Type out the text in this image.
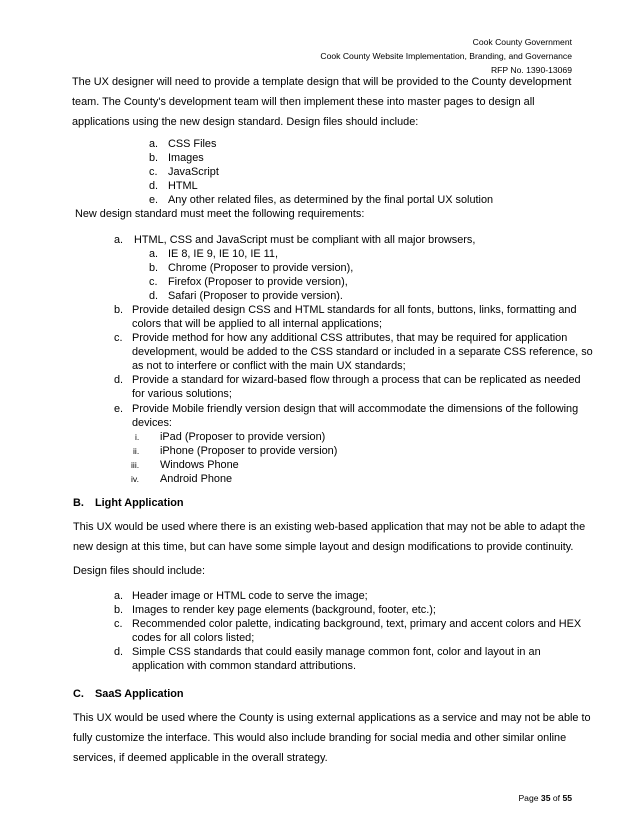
Cook County Government
Cook County Website Implementation, Branding, and Governance
RFP No. 1390-13069
The UX designer will need to provide a template design that will be provided to the County development
team. The County's development team will then implement these into master pages to design all
applications using the new design standard. Design files should include:
a. CSS Files
b. Images
c. JavaScript
d. HTML
e. Any other related files, as determined by the final portal UX solution
New design standard must meet the following requirements:
a. HTML, CSS and JavaScript must be compliant with all major browsers,
a. IE 8, IE 9, IE 10, IE 11,
b. Chrome (Proposer to provide version),
c. Firefox (Proposer to provide version),
d. Safari (Proposer to provide version).
b. Provide detailed design CSS and HTML standards for all fonts, buttons, links, formatting and
colors that will be applied to all internal applications;
c. Provide method for how any additional CSS attributes, that may be required for application
development, would be added to the CSS standard or included in a separate CSS reference, so
as not to interfere or conflict with the main UX standards;
d. Provide a standard for wizard-based flow through a process that can be replicated as needed
for various solutions;
e. Provide Mobile friendly version design that will accommodate the dimensions of the following
devices:
i. iPad (Proposer to provide version)
ii. iPhone (Proposer to provide version)
iii. Windows Phone
iv. Android Phone
B. Light Application
This UX would be used where there is an existing web-based application that may not be able to adapt the
new design at this time, but can have some simple layout and design modifications to provide continuity.
Design files should include:
a. Header image or HTML code to serve the image;
b. Images to render key page elements (background, footer, etc.);
c. Recommended color palette, indicating background, text, primary and accent colors and HEX
codes for all colors listed;
d. Simple CSS standards that could easily manage common font, color and layout in an
application with common standard attributions.
C. SaaS Application
This UX would be used where the County is using external applications as a service and may not be able to
fully customize the interface. This would also include branding for social media and other similar online
services, if deemed applicable in the overall strategy.
Page 35 of 55
